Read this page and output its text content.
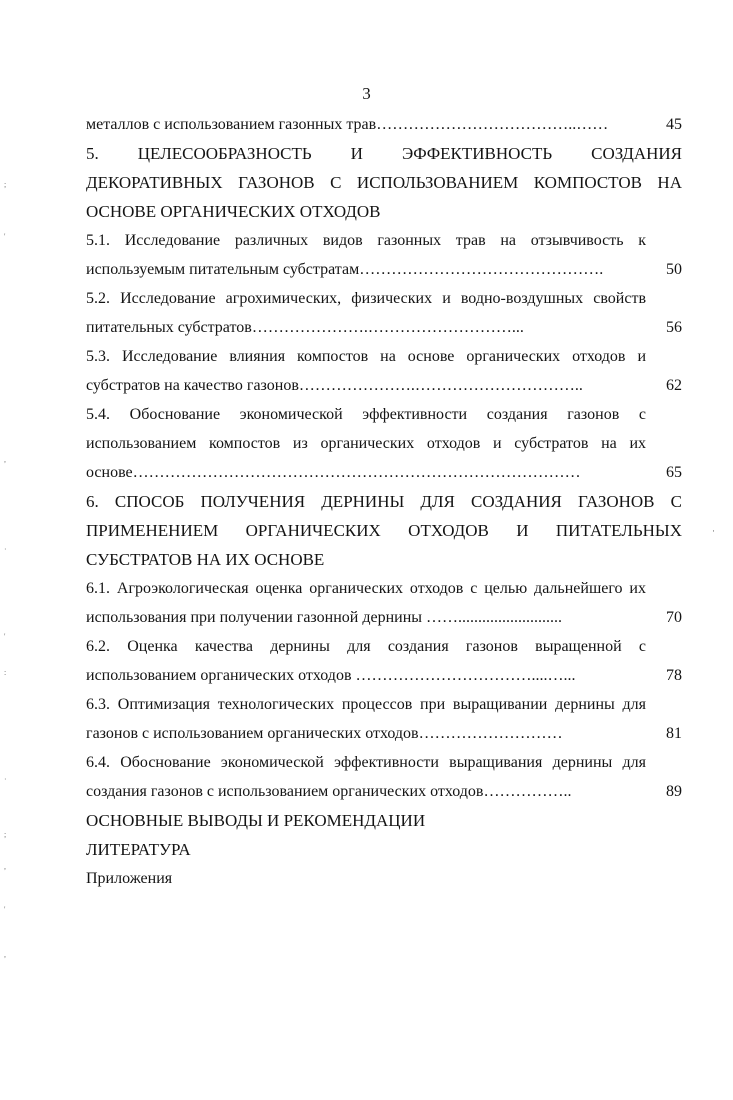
3
металлов с использованием газонных трав………………………………..……	45
5. ЦЕЛЕСООБРАЗНОСТЬ И ЭФФЕКТИВНОСТЬ СОЗДАНИЯ ДЕКОРАТИВНЫХ ГАЗОНОВ С ИСПОЛЬЗОВАНИЕМ КОМПОСТОВ НА ОСНОВЕ ОРГАНИЧЕСКИХ ОТХОДОВ
5.1. Исследование различных видов газонных трав на отзывчивость к используемым питательным субстратам……………………………………….	50
5.2. Исследование агрохимических, физических и водно-воздушных свойств питательных субстратов………………….………………………...	56
5.3. Исследование влияния компостов на основе органических отходов и субстратов на качество газонов………………….…………………………..	62
5.4. Обоснование экономической эффективности создания газонов с использованием компостов из органических отходов и субстратов на их основе…………………………………………………………………………	65
6. СПОСОБ ПОЛУЧЕНИЯ ДЕРНИНЫ ДЛЯ СОЗДАНИЯ ГАЗОНОВ С ПРИМЕНЕНИЕМ ОРГАНИЧЕСКИХ ОТХОДОВ И ПИТАТЕЛЬНЫХ СУБСТРАТОВ НА ИХ ОСНОВЕ
6.1. Агроэкологическая оценка органических отходов с целью дальнейшего их использования при получении газонной дернины ……..........................	70
6.2. Оценка качества дернины для создания газонов выращенной с использованием органических отходов ……………………………....…...	78
6.3. Оптимизация технологических процессов при выращивании дернины для газонов с использованием органических отходов………………………	81
6.4. Обоснование экономической эффективности выращивания дернины для создания газонов с использованием органических отходов……………..	89
ОСНОВНЫЕ ВЫВОДЫ И РЕКОМЕНДАЦИИ
ЛИТЕРАТУРА
Приложения
;
'
,
·
'
:
·
;
,
'
,
·
